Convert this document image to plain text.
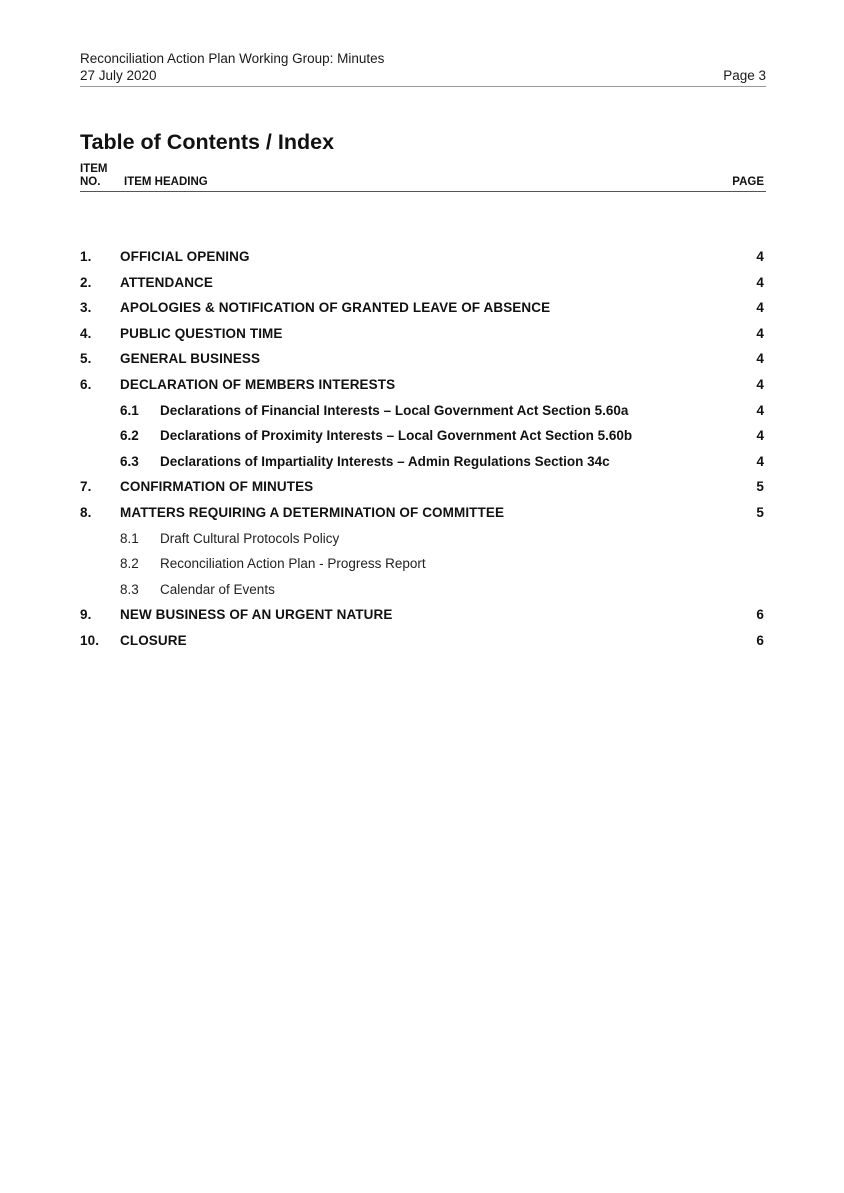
Reconciliation Action Plan Working Group: Minutes
27 July 2020	Page 3
Table of Contents / Index
ITEM
NO.	ITEM HEADING	PAGE
1. OFFICIAL OPENING	4
2. ATTENDANCE	4
3. APOLOGIES & NOTIFICATION OF GRANTED LEAVE OF ABSENCE	4
4. PUBLIC QUESTION TIME	4
5. GENERAL BUSINESS	4
6. DECLARATION OF MEMBERS INTERESTS	4
6.1 Declarations of Financial Interests – Local Government Act Section 5.60a	4
6.2 Declarations of Proximity Interests – Local Government Act Section 5.60b	4
6.3 Declarations of Impartiality Interests – Admin Regulations Section 34c	4
7. CONFIRMATION OF MINUTES	5
8. MATTERS REQUIRING A DETERMINATION OF COMMITTEE	5
8.1 Draft Cultural Protocols Policy
8.2 Reconciliation Action Plan - Progress Report
8.3 Calendar of Events
9. NEW BUSINESS OF AN URGENT NATURE	6
10. CLOSURE	6
